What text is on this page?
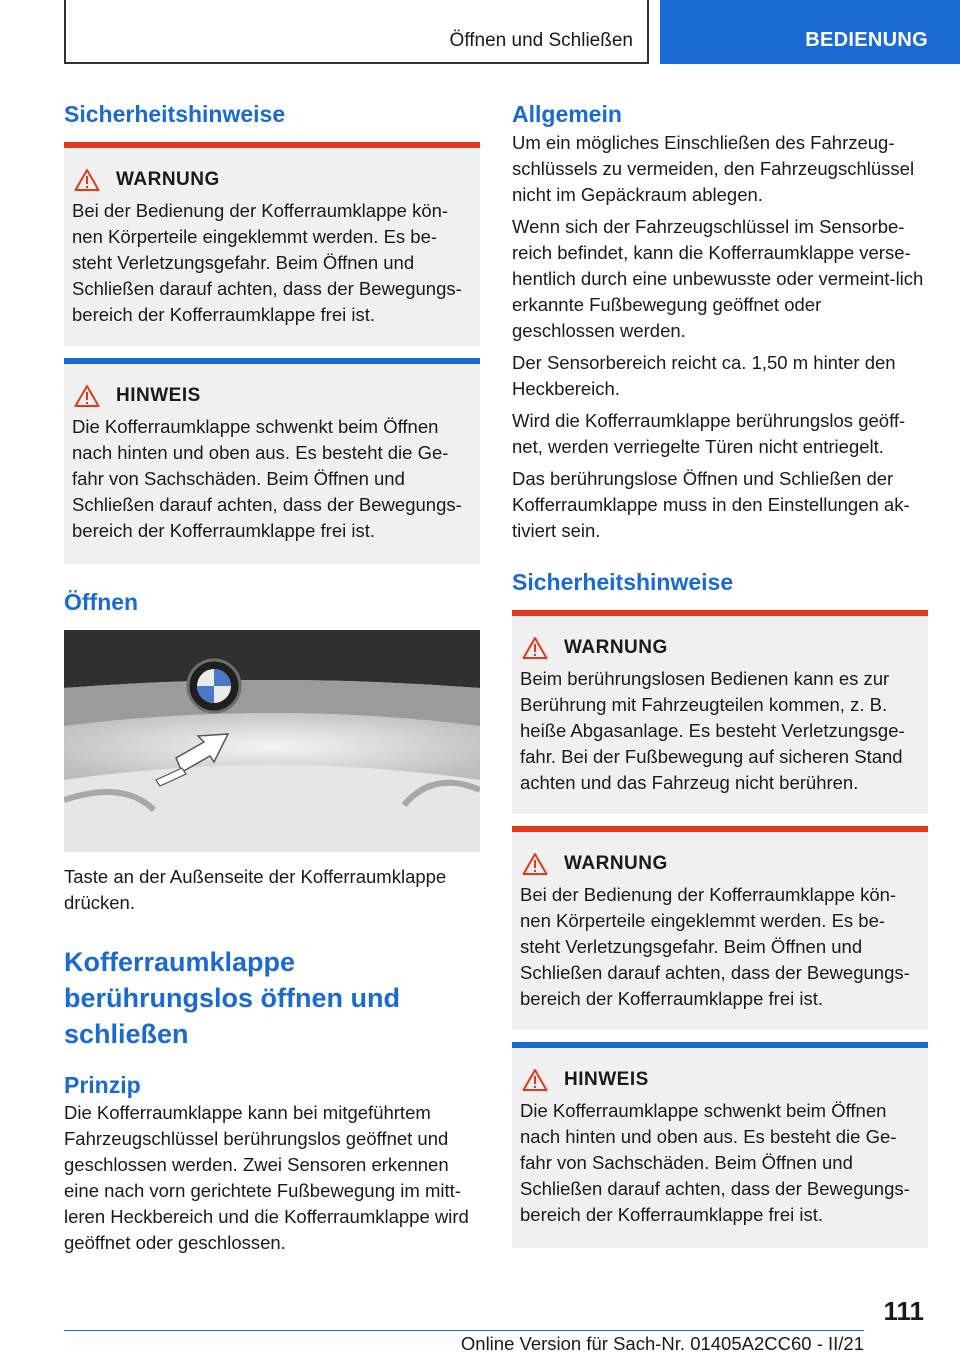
Öffnen und Schließen	BEDIENUNG
Sicherheitshinweise
WARNUNG

Bei der Bedienung der Kofferraumklappe kön-nen Körperteile eingeklemmt werden. Es be-steht Verletzungsgefahr. Beim Öffnen und Schließen darauf achten, dass der Bewegungs-bereich der Kofferraumklappe frei ist.

HINWEIS

Die Kofferraumklappe schwenkt beim Öffnen nach hinten und oben aus. Es besteht die Ge-fahr von Sachschäden. Beim Öffnen und Schließen darauf achten, dass der Bewegungs-bereich der Kofferraumklappe frei ist.

Öffnen

Taste an der Außenseite der Kofferraumklappe drücken.

Kofferraumklappe berührungslos öffnen und schließen
Prinzip

Die Kofferraumklappe kann bei mitgeführtem Fahrzeugschlüssel berührungslos geöffnet und geschlossen werden. Zwei Sensoren erkennen eine nach vorn gerichtete Fußbewegung im mitt-leren Heckbereich und die Kofferraumklappe wird geöffnet oder geschlossen.

Allgemein

Um ein mögliches Einschließen des Fahrzeug-schlüssels zu vermeiden, den Fahrzeugschlüssel nicht im Gepäckraum ablegen.

Wenn sich der Fahrzeugschlüssel im Sensorbe-reich befindet, kann die Kofferraumklappe verse-hentlich durch eine unbewusste oder vermeint-lich erkannte Fußbewegung geöffnet oder geschlossen werden.

Der Sensorbereich reicht ca. 1,50 m hinter den Heckbereich.

Wird die Kofferraumklappe berührungslos geöff-net, werden verriegelte Türen nicht entriegelt.

Das berührungslose Öffnen und Schließen der Kofferraumklappe muss in den Einstellungen ak-tiviert sein.

Sicherheitshinweise
WARNUNG

Beim berührungslosen Bedienen kann es zur Berührung mit Fahrzeugteilen kommen, z. B. heiße Abgasanlage. Es besteht Verletzungsge-fahr. Bei der Fußbewegung auf sicheren Stand achten und das Fahrzeug nicht berühren.

WARNUNG

Bei der Bedienung der Kofferraumklappe kön-nen Körperteile eingeklemmt werden. Es be-steht Verletzungsgefahr. Beim Öffnen und Schließen darauf achten, dass der Bewegungs-bereich der Kofferraumklappe frei ist.

HINWEIS

Die Kofferraumklappe schwenkt beim Öffnen nach hinten und oben aus. Es besteht die Ge-fahr von Sachschäden. Beim Öffnen und Schließen darauf achten, dass der Bewegungs-bereich der Kofferraumklappe frei ist.

111
Online Version für Sach-Nr. 01405A2CC60 - II/21
